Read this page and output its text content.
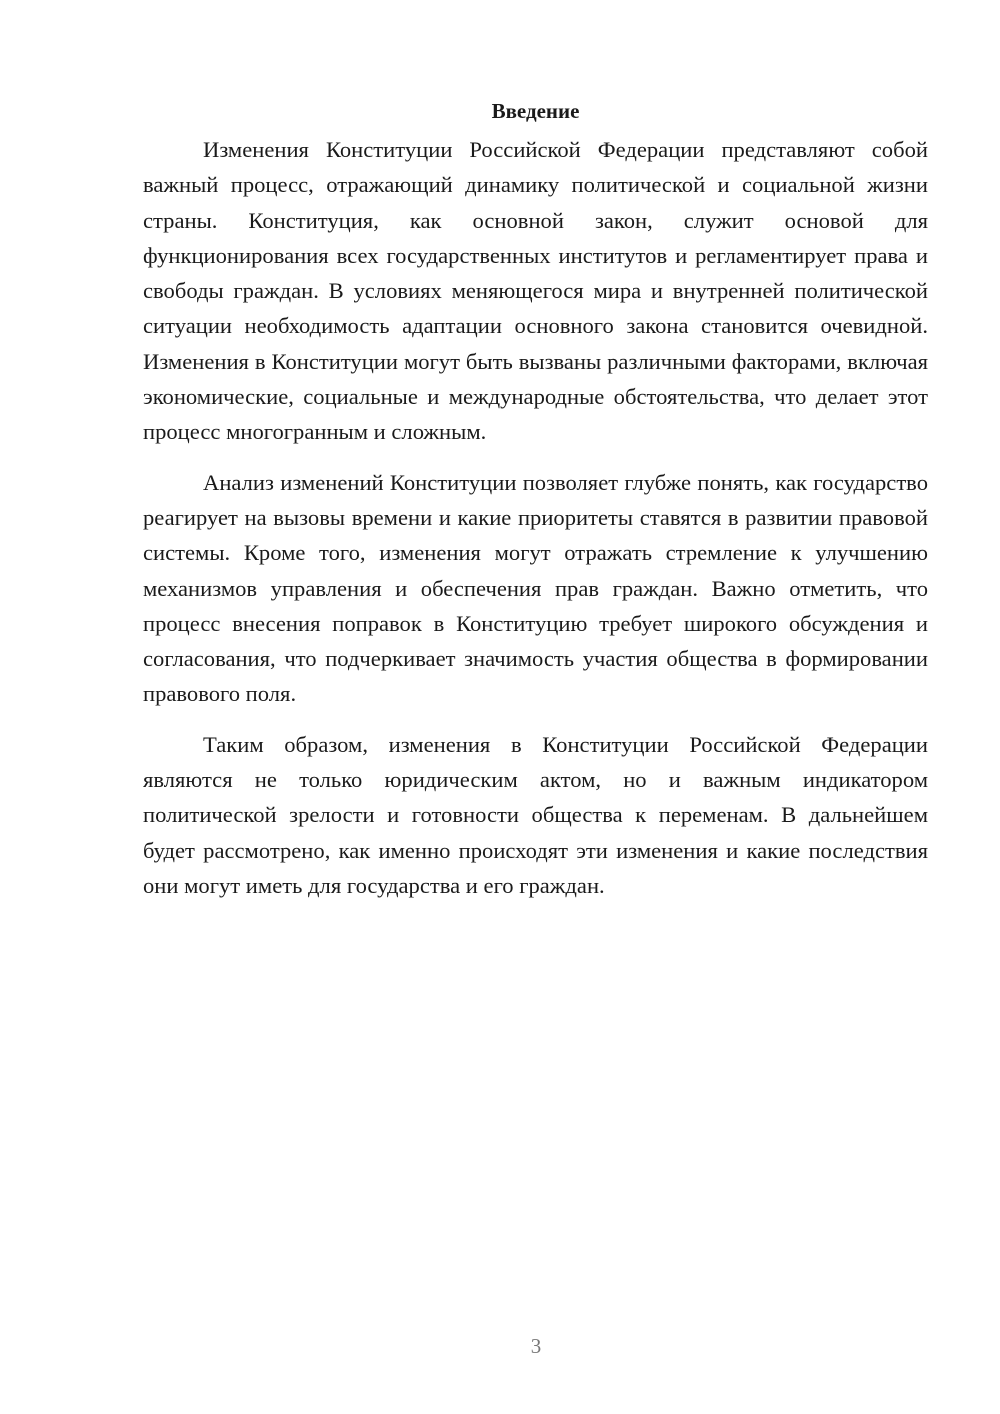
Введение

Изменения Конституции Российской Федерации представляют собой важный процесс, отражающий динамику политической и социальной жизни страны. Конституция, как основной закон, служит основой для функционирования всех государственных институтов и регламентирует права и свободы граждан. В условиях меняющегося мира и внутренней политической ситуации необходимость адаптации основного закона становится очевидной. Изменения в Конституции могут быть вызваны различными факторами, включая экономические, социальные и международные обстоятельства, что делает этот процесс многогранным и сложным.

Анализ изменений Конституции позволяет глубже понять, как государство реагирует на вызовы времени и какие приоритеты ставятся в развитии правовой системы. Кроме того, изменения могут отражать стремление к улучшению механизмов управления и обеспечения прав граждан. Важно отметить, что процесс внесения поправок в Конституцию требует широкого обсуждения и согласования, что подчеркивает значимость участия общества в формировании правового поля.

Таким образом, изменения в Конституции Российской Федерации являются не только юридическим актом, но и важным индикатором политической зрелости и готовности общества к переменам. В дальнейшем будет рассмотрено, как именно происходят эти изменения и какие последствия они могут иметь для государства и его граждан.

3
